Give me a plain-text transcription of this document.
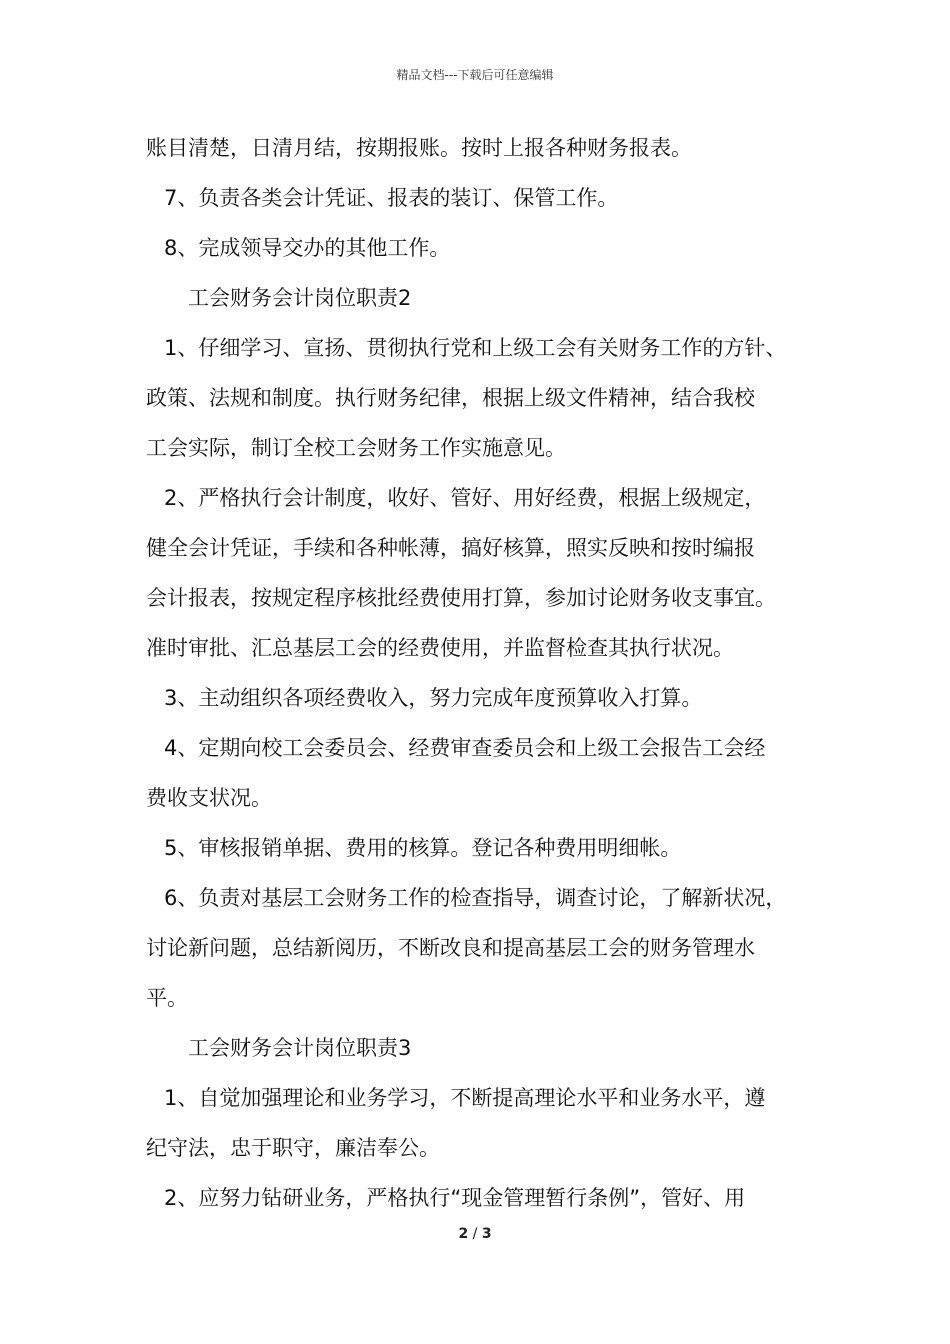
精品文档---下载后可任意编辑
账目清楚，日清月结，按期报账。按时上报各种财务报表。
7、负责各类会计凭证、报表的装订、保管工作。
8、完成领导交办的其他工作。
工会财务会计岗位职责2
1、仔细学习、宣扬、贯彻执行党和上级工会有关财务工作的方针、
政策、法规和制度。执行财务纪律，根据上级文件精神，结合我校
工会实际，制订全校工会财务工作实施意见。
2、严格执行会计制度，收好、管好、用好经费，根据上级规定，
健全会计凭证，手续和各种帐薄，搞好核算，照实反映和按时编报
会计报表，按规定程序核批经费使用打算，参加讨论财务收支事宜。
准时审批、汇总基层工会的经费使用，并监督检查其执行状况。
3、主动组织各项经费收入，努力完成年度预算收入打算。
4、定期向校工会委员会、经费审查委员会和上级工会报告工会经
费收支状况。
5、审核报销单据、费用的核算。登记各种费用明细帐。
6、负责对基层工会财务工作的检查指导，调查讨论，了解新状况，
讨论新问题，总结新阅历，不断改良和提高基层工会的财务管理水
平。
工会财务会计岗位职责3
1、自觉加强理论和业务学习，不断提高理论水平和业务水平，遵
纪守法，忠于职守，廉洁奉公。
2、应努力钻研业务，严格执行“现金管理暂行条例”，管好、用
2 / 3
